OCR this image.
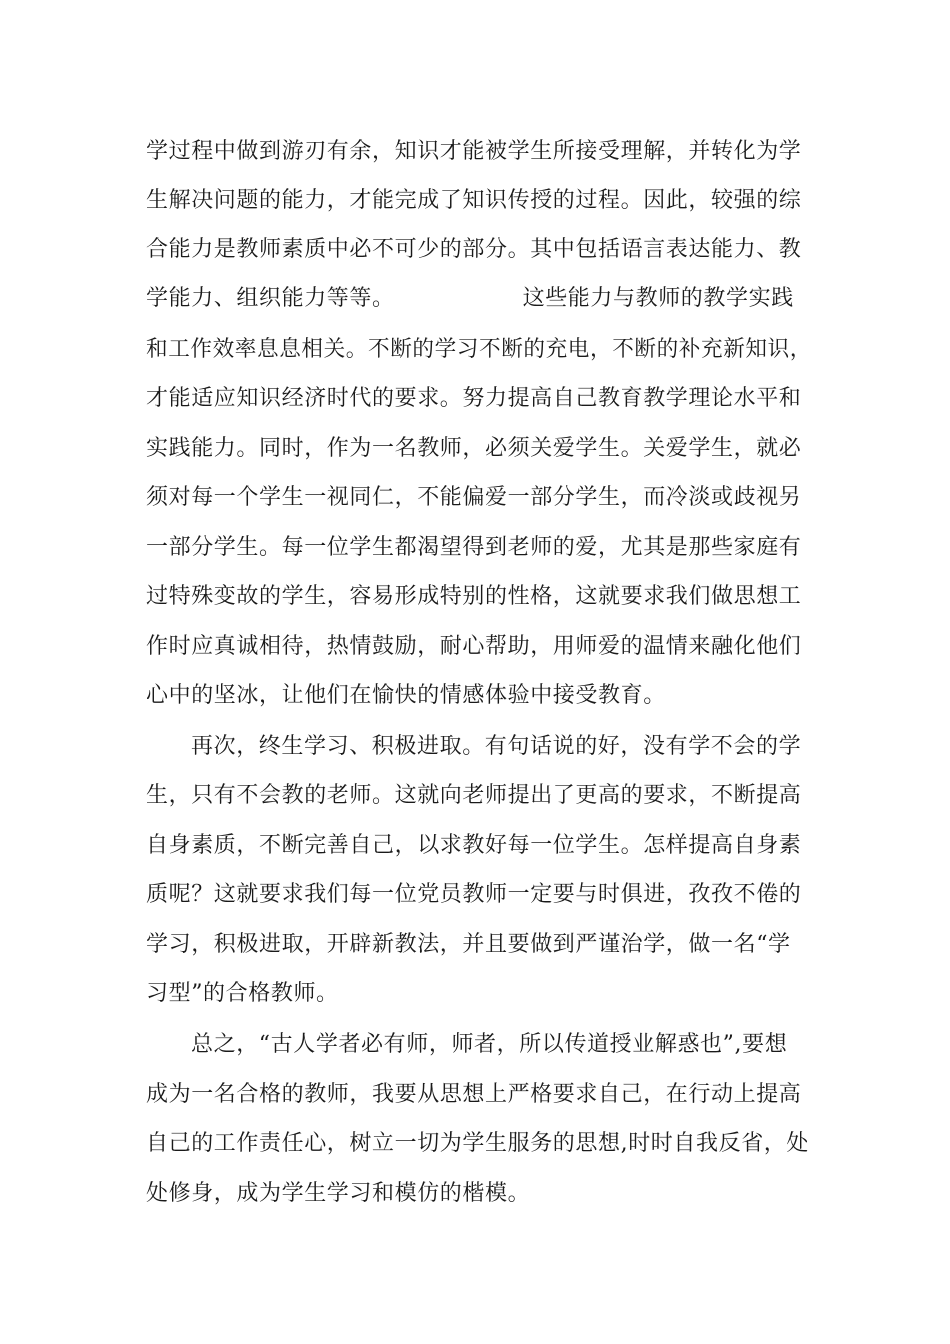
学过程中做到游刃有余，知识才能被学生所接受理解，并转化为学
生解决问题的能力，才能完成了知识传授的过程。因此，较强的综
合能力是教师素质中必不可少的部分。其中包括语言表达能力、教
学能力、组织能力等等。	这些能力与教师的教学实践
和工作效率息息相关。不断的学习不断的充电，不断的补充新知识，
才能适应知识经济时代的要求。努力提高自己教育教学理论水平和
实践能力。同时，作为一名教师，必须关爱学生。关爱学生，就必
须对每一个学生一视同仁，不能偏爱一部分学生，而冷淡或歧视另
一部分学生。每一位学生都渴望得到老师的爱，尤其是那些家庭有
过特殊变故的学生，容易形成特别的性格，这就要求我们做思想工
作时应真诚相待，热情鼓励，耐心帮助，用师爱的温情来融化他们
心中的坚冰，让他们在愉快的情感体验中接受教育。
再次，终生学习、积极进取。有句话说的好，没有学不会的学
生，只有不会教的老师。这就向老师提出了更高的要求，不断提高
自身素质，不断完善自己，以求教好每一位学生。怎样提高自身素
质呢？这就要求我们每一位党员教师一定要与时俱进，孜孜不倦的
学习，积极进取，开辟新教法，并且要做到严谨治学，做一名“学
习型”的合格教师。
总之，“古人学者必有师，师者，所以传道授业解惑也”,要想
成为一名合格的教师，我要从思想上严格要求自己，在行动上提高
自己的工作责任心，树立一切为学生服务的思想,时时自我反省，处
处修身，成为学生学习和模仿的楷模。
